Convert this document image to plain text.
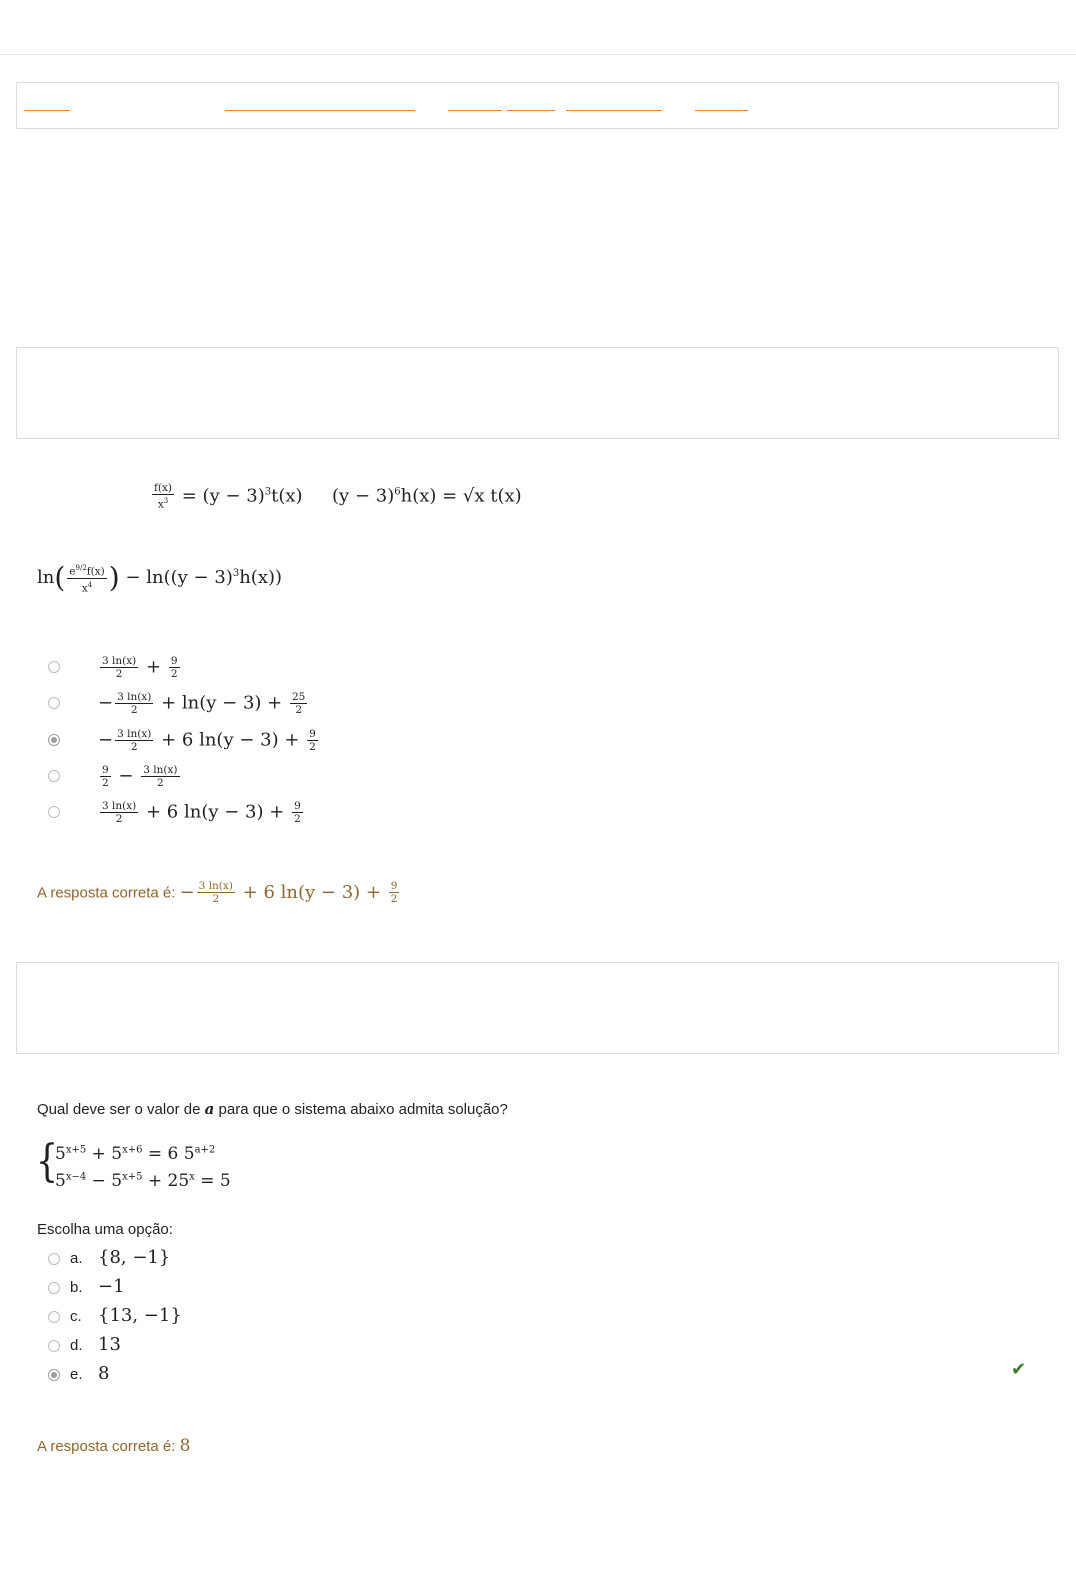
$\frac{f(x)}{x^3} = (y - 3)^3t(x) (y - 3)^6h(x) = √x$ t(x)
$\ln( \frac{e^{9/2}f(x)}{x^4}$ ) − $\ln((y - 3)^3h(x))$
$\frac{3 \ln(x)}{2} + \frac{9}{2}$
− $\frac{3 \ln(x)}{2} + \ln(y - 3) + \frac{25}{2}$
− $\frac{3 \ln(x)}{2} + 6$ $\ln(y - 3) + \frac{9}{2}$
$\frac{9}{2} - \frac{3 \ln(x)}{2}$
$\frac{3 \ln(x)}{2} + 6$ $\ln(y - 3) + \frac{9}{2}$
A resposta correta é: − $\frac{3 \ln(x)}{2} + 6$ $\ln(y - 3) + \frac{9}{2}$
Qual deve ser o valor de a para que o sistema abaixo admita solução?
{
$5^{x+5} + 5^{x+6} = 6$ $5^{a+2}$
$5^{x-4} - 5^{x+5} + 25^x = 5$
Escolha uma opção:
a. {8, −1}
b. −1
c. {13, −1}
d. 13
e. 8	✔
A resposta correta é: 8
